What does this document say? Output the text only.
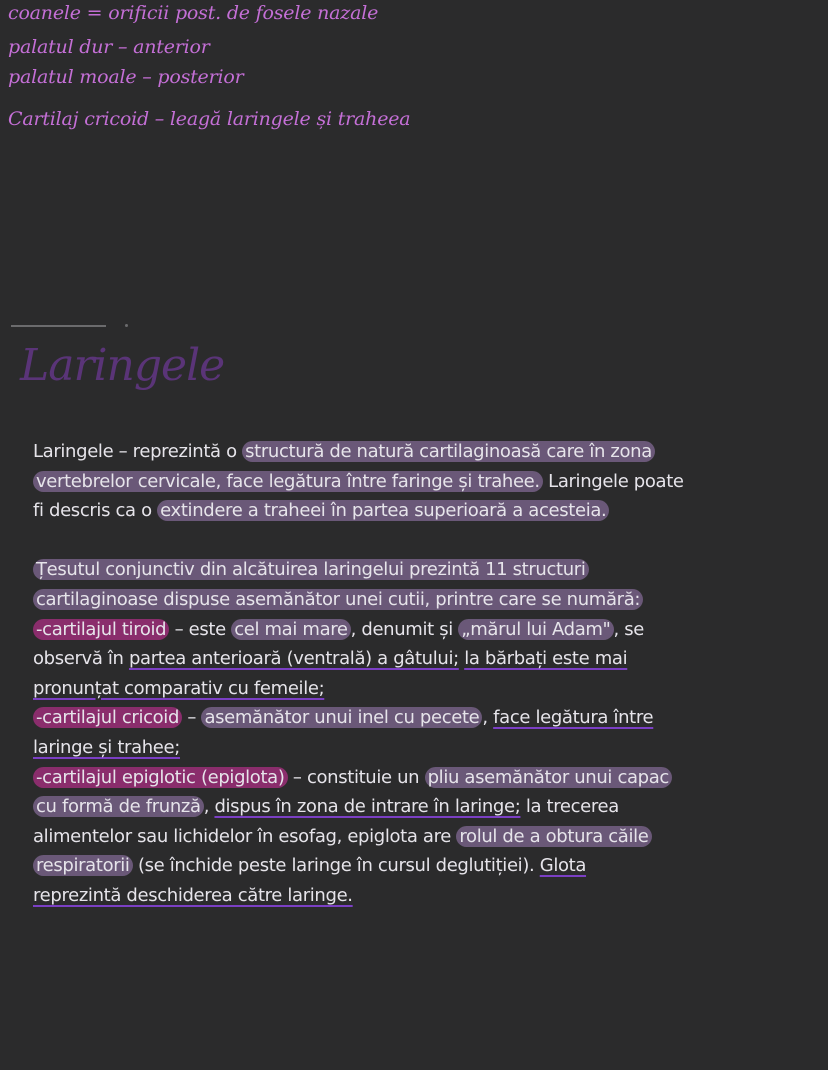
coanele = orificii post. de fosele nazale
palatul dur – anterior
palatul moale – posterior
Cartilaj cricoid – leagă laringele și traheea
Laringele

Laringele – reprezintă o structură de natură cartilaginoasă care în zona
vertebrelor cervicale, face legătura între faringe și trahee. Laringele poate
fi descris ca o extindere a traheei în partea superioară a acesteia.

Țesutul conjunctiv din alcătuirea laringelui prezintă 11 structuri
cartilaginoase dispuse asemănător unei cutii, printre care se numără:
-cartilajul tiroid – este cel mai mare , denumit și „mărul lui Adam" , se
observă în partea anterioară (ventrală) a gâtului; la bărbați este mai
pronunțat comparativ cu femeile;
-cartilajul cricoid – asemănător unui inel cu pecete , face legătura între
laringe și trahee;
-cartilajul epiglotic (epiglota) – constituie un pliu asemănător unui capac
cu formă de frunză , dispus în zona de intrare în laringe; la trecerea
alimentelor sau lichidelor în esofag, epiglota are rolul de a obtura căile
respiratorii (se închide peste laringe în cursul deglutiției). Glota
reprezintă deschiderea către laringe.
